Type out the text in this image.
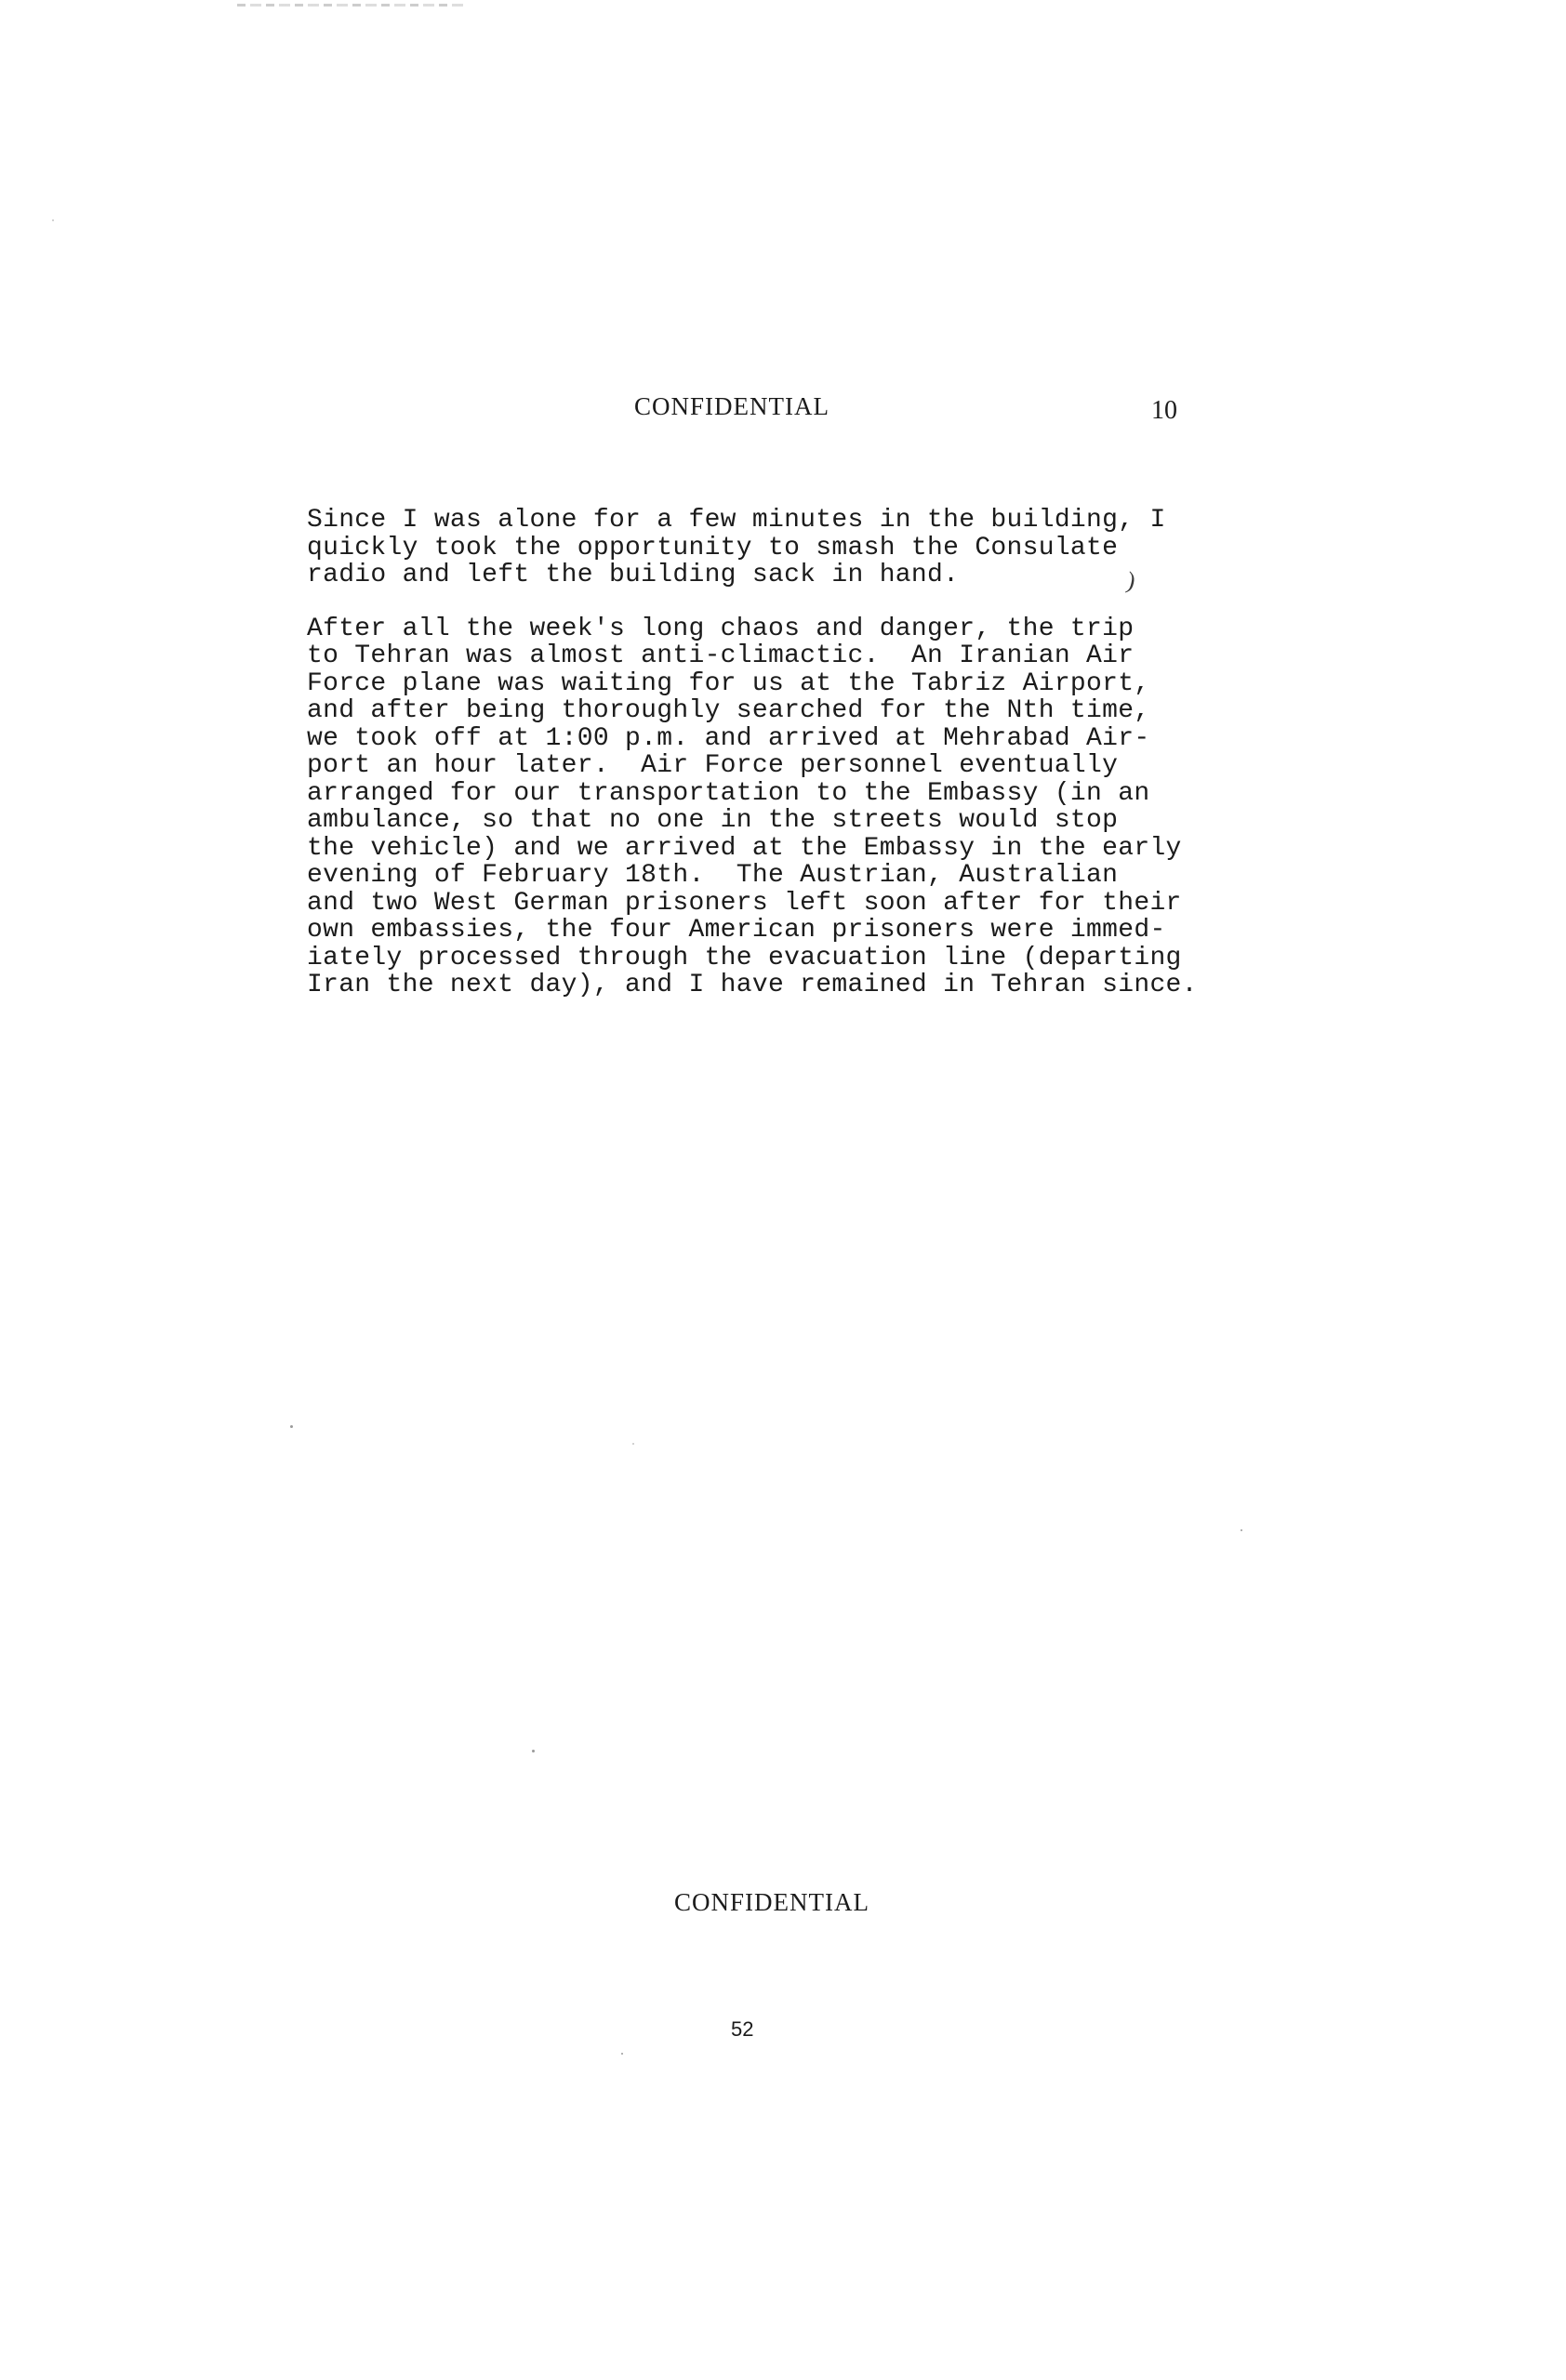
CONFIDENTIAL	10

Since I was alone for a few minutes in the building, I
quickly took the opportunity to smash the Consulate
radio and left the building sack in hand.

After all the week's long chaos and danger, the trip
to Tehran was almost anti-climactic.  An Iranian Air
Force plane was waiting for us at the Tabriz Airport,
and after being thoroughly searched for the Nth time,
we took off at 1:00 p.m. and arrived at Mehrabad Air-
port an hour later.  Air Force personnel eventually
arranged for our transportation to the Embassy (in an
ambulance, so that no one in the streets would stop
the vehicle) and we arrived at the Embassy in the early
evening of February 18th.  The Austrian, Australian
and two West German prisoners left soon after for their
own embassies, the four American prisoners were immed-
iately processed through the evacuation line (departing
Iran the next day), and I have remained in Tehran since.

)
CONFIDENTIAL
52
